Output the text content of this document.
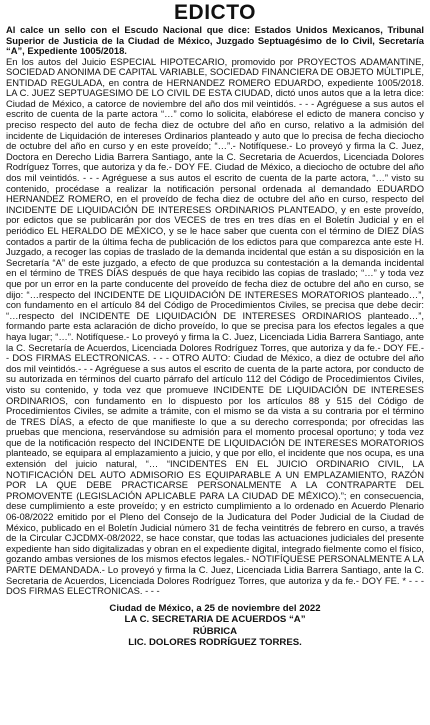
EDICTO

Al calce un sello con el Escudo Nacional que dice: Estados Unidos Mexicanos, Tribunal Superior de Justicia de la Ciudad de México, Juzgado Septuagésimo de lo Civil, Secretaría “A”, Expediente 1005/2018.

En los autos del Juicio ESPECIAL HIPOTECARIO, promovido por PROYECTOS ADAMANTINE, SOCIEDAD ANONIMA DE CAPITAL VARIABLE, SOCIEDAD FINANCIERA DE OBJETO MÚLTIPLE, ENTIDAD REGULADA, en contra de HERNANDEZ ROMERO EDUARDO, expediente 1005/2018. LA C. JUEZ SEPTUAGESIMO DE LO CIVIL DE ESTA CIUDAD, dictó unos autos que a la letra dice: Ciudad de México, a catorce de noviembre del año dos mil veintidós. - - - Agréguese a sus autos el escrito de cuenta de la parte actora “…” como lo solicita, elabórese el edicto de manera conciso y preciso respecto del auto de fecha diez de octubre del año en curso, relativo a la admisión del incidente de Liquidación de intereses Ordinarios planteado y auto que lo precisa de fecha dieciocho de octubre del año en curso y en este proveído; “…”.- Notifíquese.- Lo proveyó y firma la C. Juez, Doctora en Derecho Lidia Barrera Santiago, ante la C. Secretaria de Acuerdos, Licenciada Dolores Rodríguez Torres, que autoriza y da fe.- DOY FE. Ciudad de México, a dieciocho de octubre del año dos mil veintidós. - - - Agréguese a sus autos el escrito de cuenta de la parte actora, “…” visto su contenido, procédase a realizar la notificación personal ordenada al demandado EDUARDO HERNANDEZ ROMERO, en el proveído de fecha diez de octubre del año en curso, respecto del INCIDENTE DE LIQUIDACIÓN DE INTERESES ORDINARIOS PLANTEADO, y en este proveído, por edictos que se publicarán por dos VECES de tres en tres días en el Boletín Judicial y en el periódico EL HERALDO DE MÉXICO, y se le hace saber que cuenta con el término de DIEZ DÍAS contados a partir de la última fecha de publicación de los edictos para que comparezca ante este H. Juzgado, a recoger las copias de traslado de la demanda incidental que están a su disposición en la Secretaría “A” de este juzgado, a efecto de que produzca su contestación a la demanda incidental en el término de TRES DÍAS después de que haya recibido las copias de traslado; “…” y toda vez que por un error en la parte conducente del proveído de fecha diez de octubre del año en curso, se dijo: “…respecto del INCIDENTE DE LIQUIDACIÓN DE INTERESES MORATORIOS planteado…”, con fundamento en el artículo 84 del Código de Procedimientos Civiles, se precisa que debe decir: “…respecto del INCIDENTE DE LIQUIDACIÓN DE INTERESES ORDINARIOS planteado…”, formando parte esta aclaración de dicho proveído, lo que se precisa para los efectos legales a que haya lugar; “…”. Notifíquese.- Lo proveyó y firma la C. Juez, Licenciada Lidia Barrera Santiago, ante la C. Secretaría de Acuerdos, Licenciada Dolores Rodríguez Torres, que autoriza y da fe.- DOY FE.- - DOS FIRMAS ELECTRONICAS. - - - OTRO AUTO: Ciudad de México, a diez de octubre del año dos mil veintidós.- - - Agréguese a sus autos el escrito de cuenta de la parte actora, por conducto de su autorizada en términos del cuarto párrafo del artículo 112 del Código de Procedimientos Civiles, visto su contenido, y toda vez que promueve INCIDENTE DE LIQUIDACIÓN DE INTERESES ORDINARIOS, con fundamento en lo dispuesto por los artículos 88 y 515 del Código de Procedimientos Civiles, se admite a trámite, con el mismo se da vista a su contraria por el término de TRES DÍAS, a efecto de que manifieste lo que a su derecho corresponda; por ofrecidas las pruebas que menciona, reservándose su admisión para el momento procesal oportuno; y toda vez que de la notificación respecto del INCIDENTE DE LIQUIDACIÓN DE INTERESES MORATORIOS planteado, se equipara al emplazamiento a juicio, y que por ello, el incidente que nos ocupa, es una extensión del juicio natural, “… “INCIDENTES EN EL JUICIO ORDINARIO CIVIL, LA NOTIFICACIÓN DEL AUTO ADMISORIO ES EQUIPARABLE A UN EMPLAZAMIENTO, RAZÓN POR LA QUE DEBE PRACTICARSE PERSONALMENTE A LA CONTRAPARTE DEL PROMOVENTE (LEGISLACIÓN APLICABLE PARA LA CIUDAD DE MÉXICO).”; en consecuencia, dese cumplimiento a este proveído; y en estricto cumplimiento a lo ordenado en Acuerdo Plenario 06-08/2022 emitido por el Pleno del Consejo de la Judicatura del Poder Judicial de la Ciudad de México, publicado en el Boletín Judicial número 31 de fecha veintitrés de febrero en curso, a través de la Circular CJCDMX-08/2022, se hace constar, que todas las actuaciones judiciales del presente expediente han sido digitalizadas y obran en el expediente digital, integrado fielmente como el físico, gozando ambas versiones de los mismos efectos legales.- NOTIFÍQUESE PERSONALMENTE A LA PARTE DEMANDADA.- Lo proveyó y firma la C. Juez, Licenciada Lidia Barrera Santiago, ante la C. Secretaria de Acuerdos, Licenciada Dolores Rodríguez Torres, que autoriza y da fe.- DOY FE. * - - - DOS FIRMAS ELECTRONICAS. - - -

Ciudad de México, a 25 de noviembre del 2022
LA C. SECRETARIA DE ACUERDOS “A”
RÚBRICA
LIC. DOLORES RODRÍGUEZ TORRES.
